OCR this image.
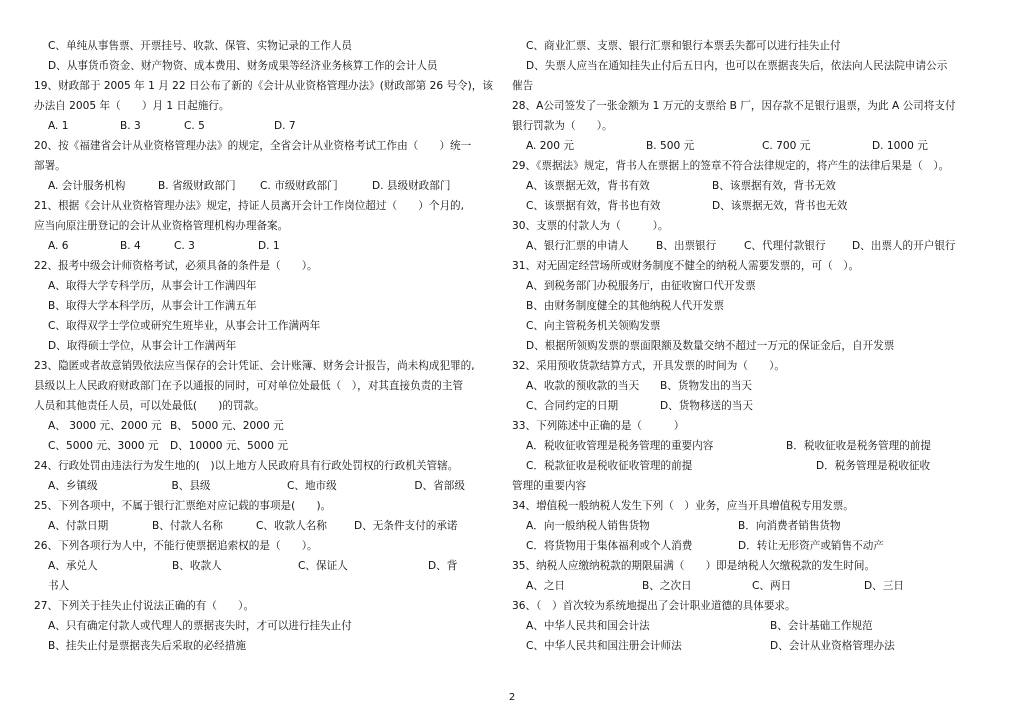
C、单纯从事售票、开票挂号、收款、保管、实物记录的工作人员
D、从事货币资金、财产物资、成本费用、财务成果等经济业务核算工作的会计人员
19、财政部于 2005 年 1 月 22 日公布了新的《会计从业资格管理办法》(财政部第 26 号令)，该
办法自 2005 年（　　）月 1 日起施行。
A. 1	B. 3	C. 5	D. 7
20、按《福建省会计从业资格管理办法》的规定，全省会计从业资格考试工作由（　　）统一
部署。
A. 会计服务机构	B. 省级财政部门	C. 市级财政部门	D. 县级财政部门
21、根据《会计从业资格管理办法》规定，持证人员离开会计工作岗位超过（　　）个月的,
应当向原注册登记的会计从业资格管理机构办理备案。
A. 6	B. 4	C. 3	D. 1
22、报考中级会计师资格考试，必须具备的条件是（　　）。
A、取得大学专科学历，从事会计工作满四年
B、取得大学本科学历，从事会计工作满五年
C、取得双学士学位或研究生班毕业，从事会计工作满两年
D、取得硕士学位，从事会计工作满两年
23、隐匿或者故意销毁依法应当保存的会计凭证、会计账簿、财务会计报告，尚未构成犯罪的,
县级以上人民政府财政部门在予以通报的同时，可对单位处最低（　），对其直接负责的主管
人员和其他责任人员，可以处最低(　　)的罚款。
A、 3000 元、2000 元 B、 5000 元、2000 元
C、5000 元、3000 元	D、10000 元、5000 元
24、行政处罚由违法行为发生地的(　)以上地方人民政府具有行政处罚权的行政机关管辖。
A、乡镇级	B、县级	C、地市级	D、省部级
25、下列各项中，不属于银行汇票绝对应记载的事项是(　　)。
A、付款日期	B、付款人名称	C、收款人名称	D、无条件支付的承诺
26、下列各项行为人中，不能行使票据追索权的是（　　）。
A、承兑人	B、收款人	C、保证人	D、背
书人
27、下列关于挂失止付说法正确的有（　　）。
A、只有确定付款人或代理人的票据丧失时，才可以进行挂失止付
B、挂失止付是票据丧失后采取的必经措施
C、商业汇票、支票、银行汇票和银行本票丢失都可以进行挂失止付
D、失票人应当在通知挂失止付后五日内，也可以在票据丧失后，依法向人民法院申请公示
催告
28、A公司签发了一张金额为 1 万元的支票给 B 厂，因存款不足银行退票，为此 A 公司将支付
银行罚款为（　　）。
A. 200 元	B. 500 元	C. 700 元	D. 1000 元
29、《票据法》规定，背书人在票据上的签章不符合法律规定的，将产生的法律后果是（　）。
A、该票据无效，背书有效	B、该票据有效，背书无效
C、该票据有效，背书也有效	D、该票据无效，背书也无效
30、支票的付款人为（　　　）。
A、银行汇票的申请人	B、出票银行	C、代理付款银行	D、出票人的开户银行
31、对无固定经营场所或财务制度不健全的纳税人需要发票的，可（　）。
A、到税务部门办税服务厅，由征收窗口代开发票
B、由财务制度健全的其他纳税人代开发票
C、向主管税务机关领购发票
D、根据所领购发票的票面限额及数量交纳不超过一万元的保证金后，自开发票
32、采用预收货款结算方式，开具发票的时间为（　　）。
A、收款的预收款的当天	B、货物发出的当天
C、合同约定的日期	D、货物移送的当天
33、下列陈述中正确的是（　　　）
A．税收征收管理是税务管理的重要内容	B．税收征收是税务管理的前提
C．税款征收是税收征收管理的前提	D．税务管理是税收征收
管理的重要内容
34、增值税一般纳税人发生下列（　）业务，应当开具增值税专用发票。
A．向一般纳税人销售货物	B．向消费者销售货物
C．将货物用于集体福利或个人消费	D．转让无形资产或销售不动产
35、纳税人应缴纳税款的期限届满（　　）即是纳税人欠缴税款的发生时间。
A、之日	B、之次日	C、两日	D、三日
36、（　）首次较为系统地提出了会计职业道德的具体要求。
A、中华人民共和国会计法	B、会计基础工作规范
C、中华人民共和国注册会计师法	D、会计从业资格管理办法
2
